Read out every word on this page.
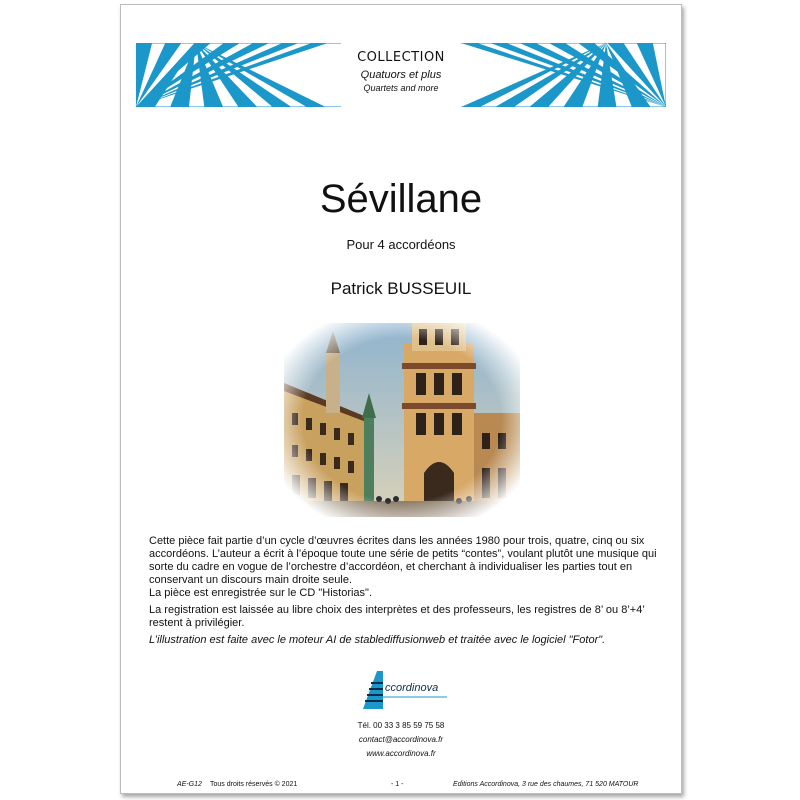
COLLECTION
Quatuors et plus
Quartets and more
Sévillane
Pour 4 accordéons
Patrick BUSSEUIL

Cette pièce fait partie d’un cycle d’œuvres écrites dans les années 1980 pour trois, quatre, cinq ou six accordéons. L’auteur a écrit à l’époque toute une série de petits “contes”, voulant plutôt une musique qui sorte du cadre en vogue de l’orchestre d’accordéon, et cherchant à individualiser les parties tout en conservant un discours main droite seule.

La pièce est enregistrée sur le CD "Historias".

La registration est laissée au libre choix des interprètes et des professeurs, les registres de 8’ ou 8’+4’ restent à privilégier.

L’illustration est faite avec le moteur AI de stablediffusionweb et traitée avec le logiciel "Fotor".

ccordinova
Tél. 00 33 3 85 59 75 58
contact@accordinova.fr
www.accordinova.fr
AE-G12 Tous droits réservés © 2021	- 1 -	Editions Accordinova, 3 rue des chaumes, 71 520 MATOUR
